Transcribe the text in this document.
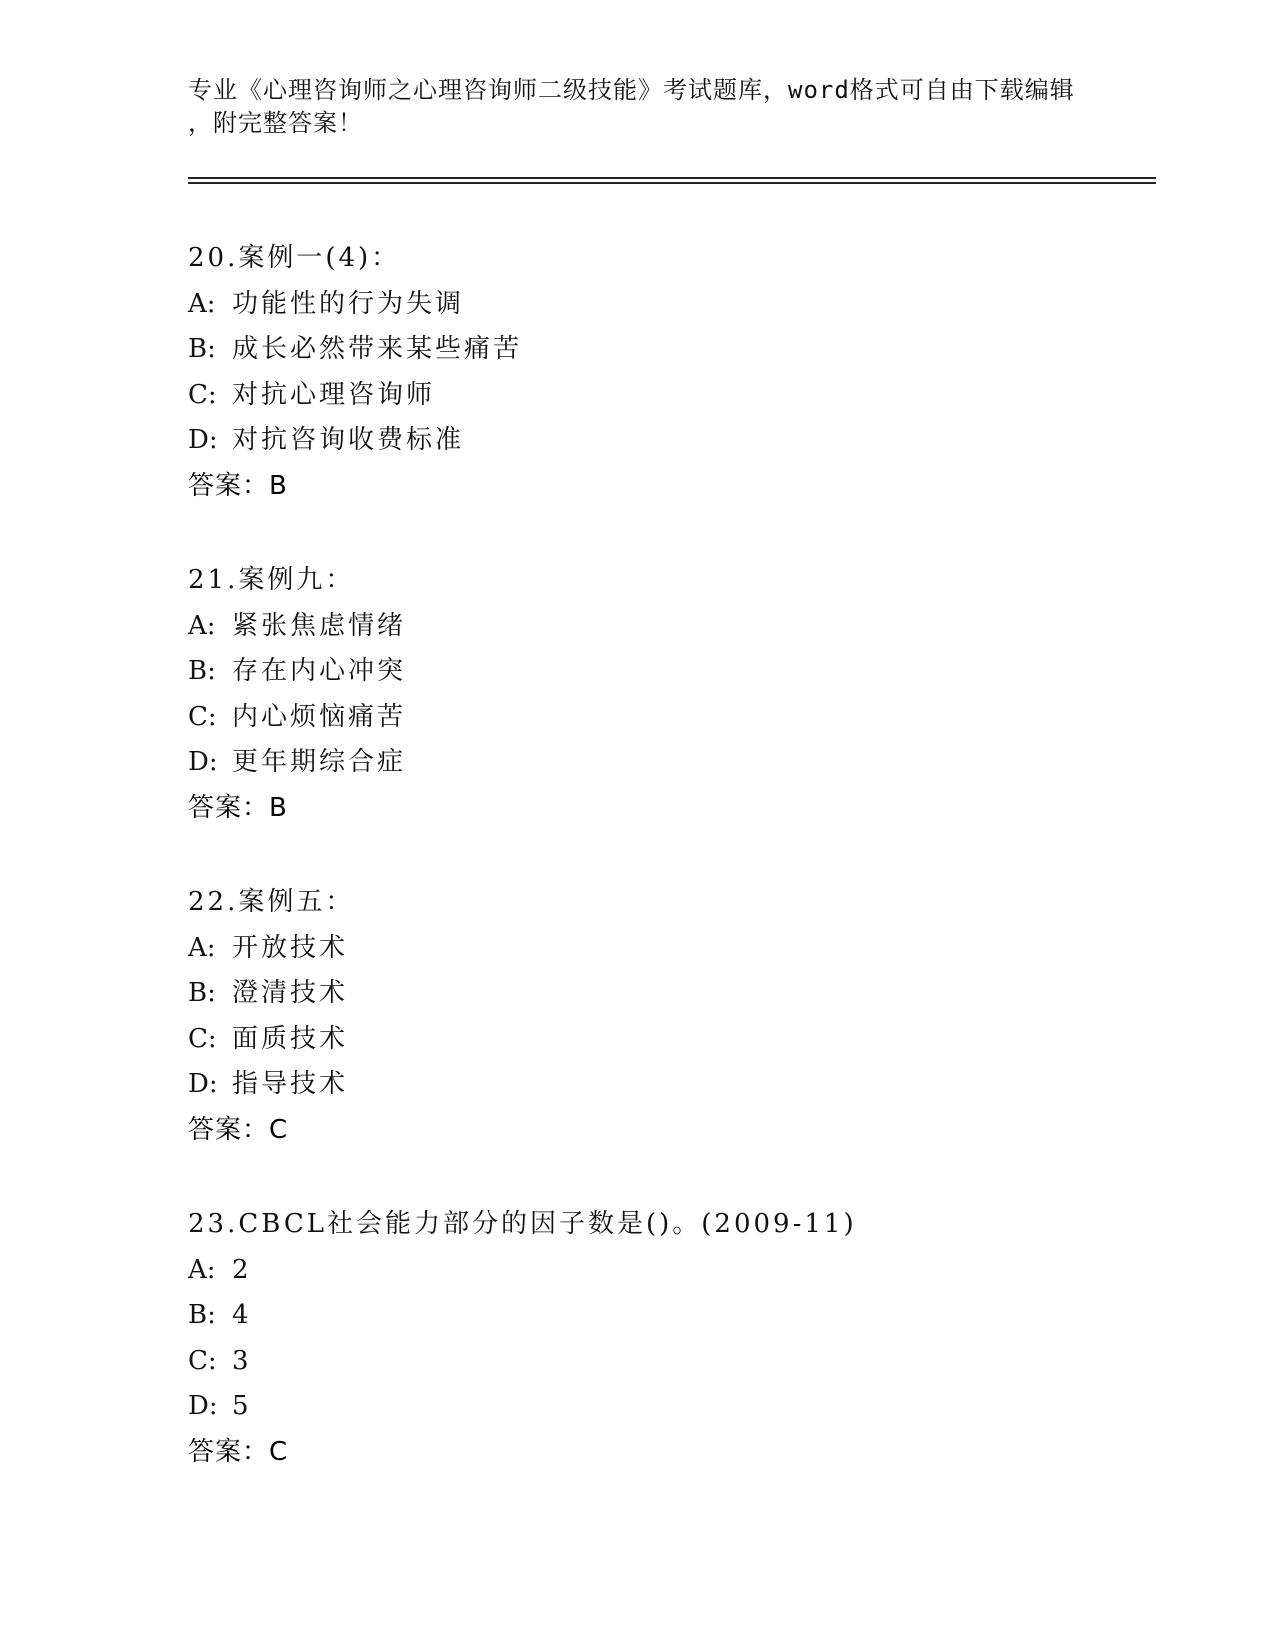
专业《心理咨询师之心理咨询师二级技能》考试题库，word格式可自由下载编辑
，附完整答案！
20.案例一(4)：
A: 功能性的行为失调
B: 成长必然带来某些痛苦
C: 对抗心理咨询师
D: 对抗咨询收费标准
答案：B
21.案例九：
A: 紧张焦虑情绪
B: 存在内心冲突
C: 内心烦恼痛苦
D: 更年期综合症
答案：B
22.案例五：
A: 开放技术
B: 澄清技术
C: 面质技术
D: 指导技术
答案：C
23.CBCL社会能力部分的因子数是()。(2009-11)
A: 2
B: 4
C: 3
D: 5
答案：C
